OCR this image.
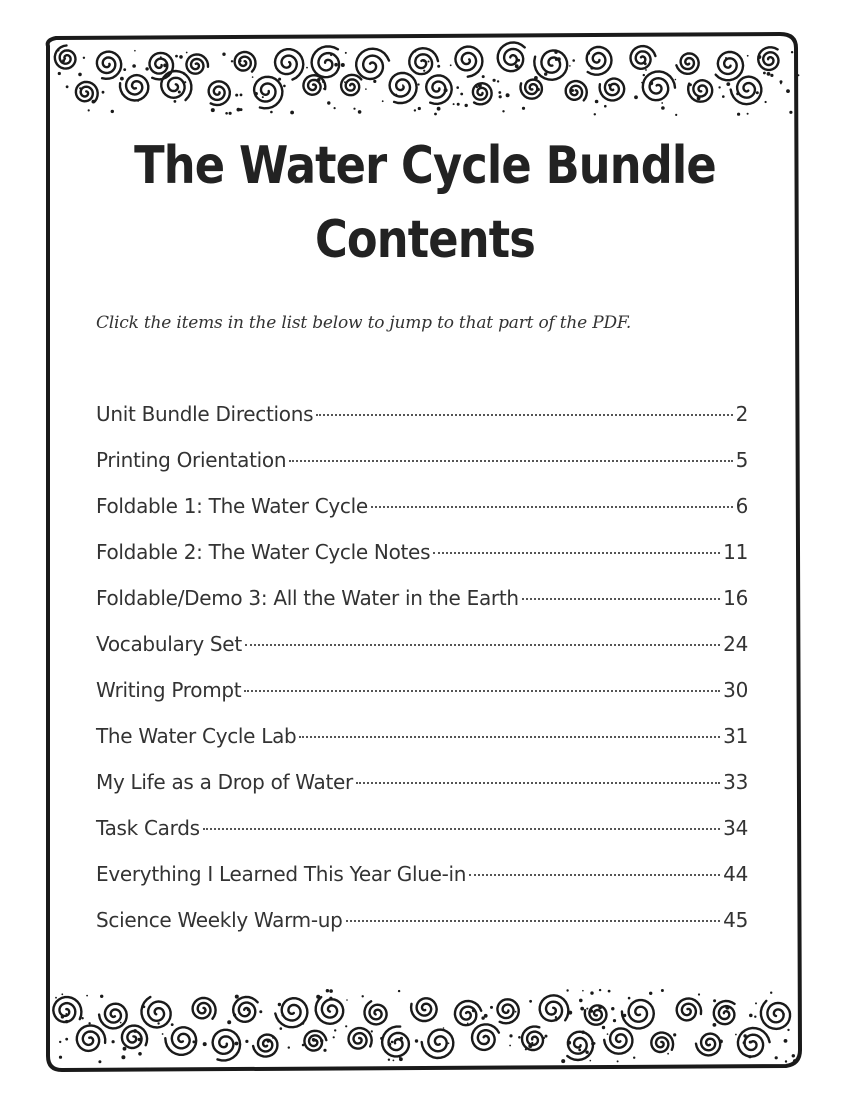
The Water Cycle Bundle
Contents
Click the items in the list below to jump to that part of the PDF.
Unit Bundle Directions	2
Printing Orientation	5
Foldable 1: The Water Cycle	6
Foldable 2: The Water Cycle Notes	11
Foldable/Demo 3: All the Water in the Earth	16
Vocabulary Set	24
Writing Prompt	30
The Water Cycle Lab	31
My Life as a Drop of Water	33
Task Cards	34
Everything I Learned This Year Glue-in	44
Science Weekly Warm-up	45
